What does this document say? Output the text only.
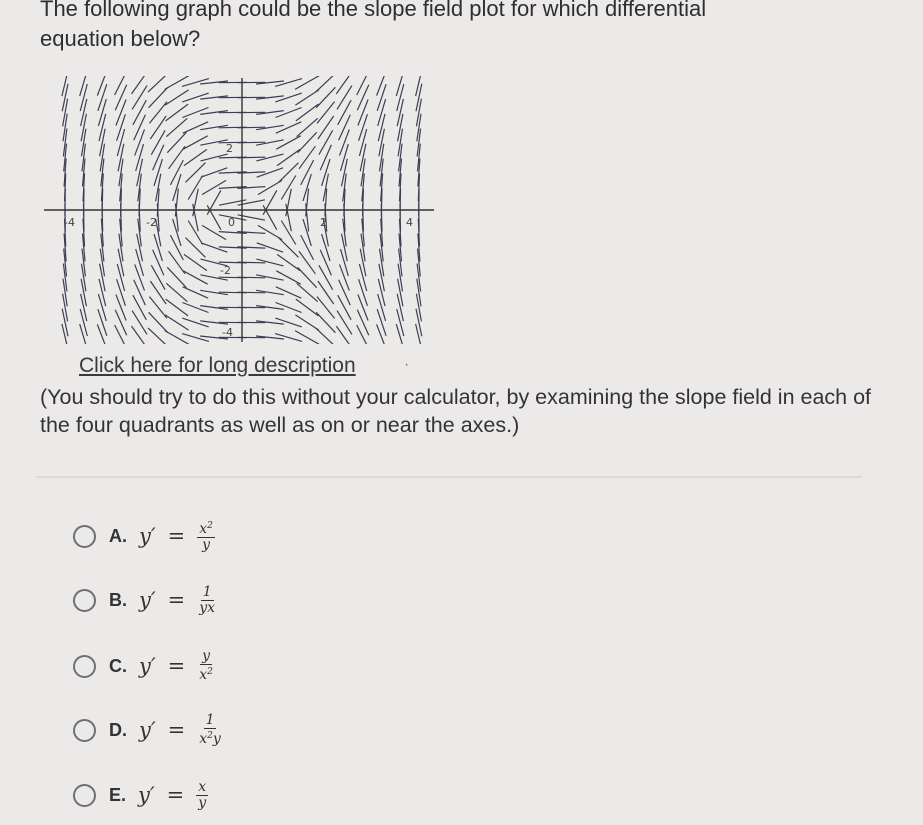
The following graph could be the slope field plot for which differential
equation below?
-4	-2	2	4
2
-2
-4
0
Click here for long description	·
(You should try to do this without your calculator, by examining the slope field in each of the four quadrants as well as on or near the axes.)
A. $y' = \frac{x^2}{y}$
B. $y' = \frac{1}{yx}$
C. $y' = \frac{y}{x^2}$
D. $y' = \frac{1}{x^2y}$
E. $y' = \frac{x}{y}$
